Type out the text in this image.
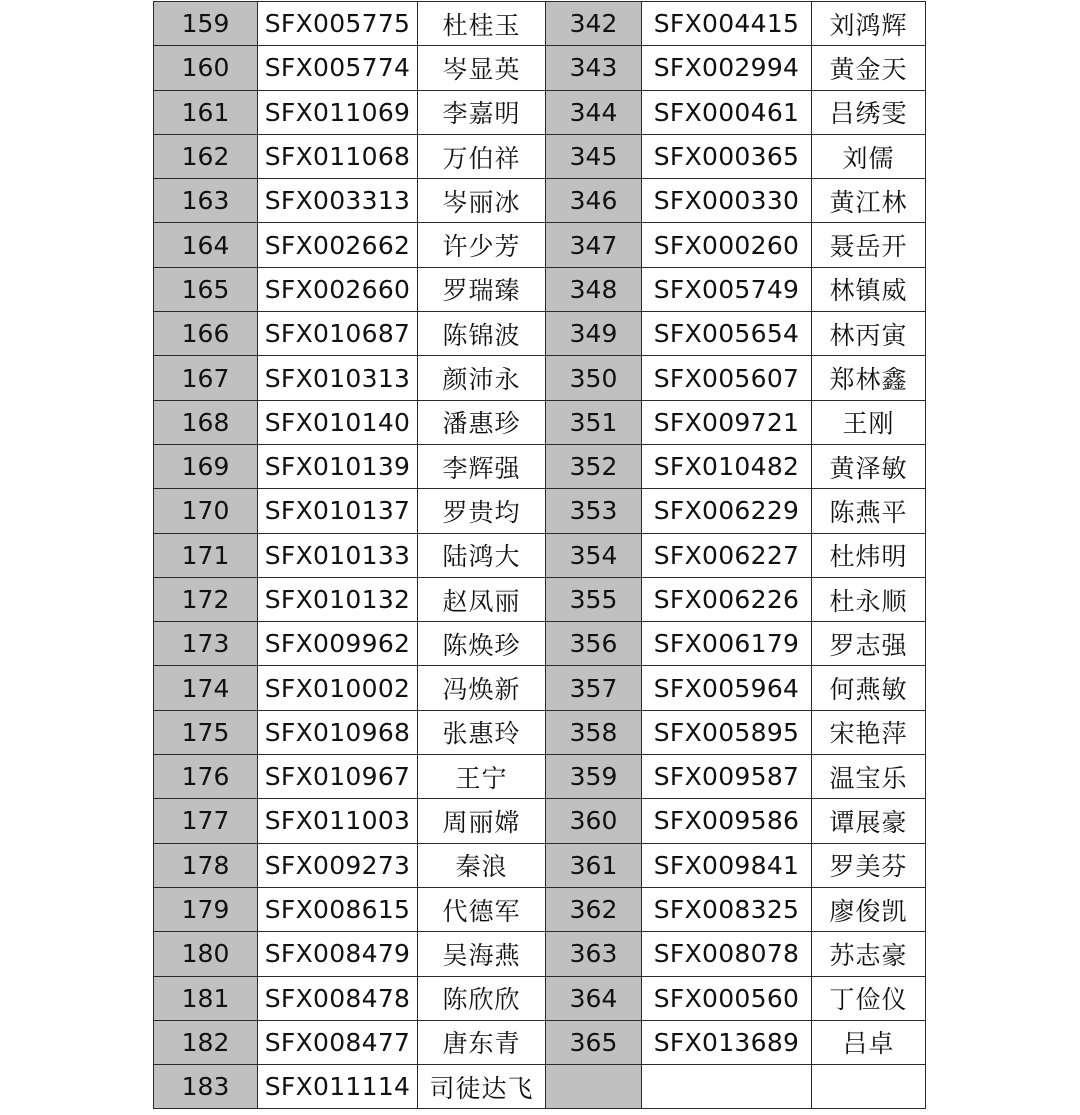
159	SFX005775	杜桂玉	342	SFX004415	刘鸿辉
160	SFX005774	岑显英	343	SFX002994	黄金天
161	SFX011069	李嘉明	344	SFX000461	吕绣雯
162	SFX011068	万伯祥	345	SFX000365	刘儒
163	SFX003313	岑丽冰	346	SFX000330	黄江林
164	SFX002662	许少芳	347	SFX000260	聂岳开
165	SFX002660	罗瑞臻	348	SFX005749	林镇威
166	SFX010687	陈锦波	349	SFX005654	林丙寅
167	SFX010313	颜沛永	350	SFX005607	郑林鑫
168	SFX010140	潘惠珍	351	SFX009721	王刚
169	SFX010139	李辉强	352	SFX010482	黄泽敏
170	SFX010137	罗贵均	353	SFX006229	陈燕平
171	SFX010133	陆鸿大	354	SFX006227	杜炜明
172	SFX010132	赵凤丽	355	SFX006226	杜永顺
173	SFX009962	陈焕珍	356	SFX006179	罗志强
174	SFX010002	冯焕新	357	SFX005964	何燕敏
175	SFX010968	张惠玲	358	SFX005895	宋艳萍
176	SFX010967	王宁	359	SFX009587	温宝乐
177	SFX011003	周丽嫦	360	SFX009586	谭展豪
178	SFX009273	秦浪	361	SFX009841	罗美芬
179	SFX008615	代德军	362	SFX008325	廖俊凯
180	SFX008479	吴海燕	363	SFX008078	苏志豪
181	SFX008478	陈欣欣	364	SFX000560	丁俭仪
182	SFX008477	唐东青	365	SFX013689	吕卓
183	SFX011114	司徒达飞			
